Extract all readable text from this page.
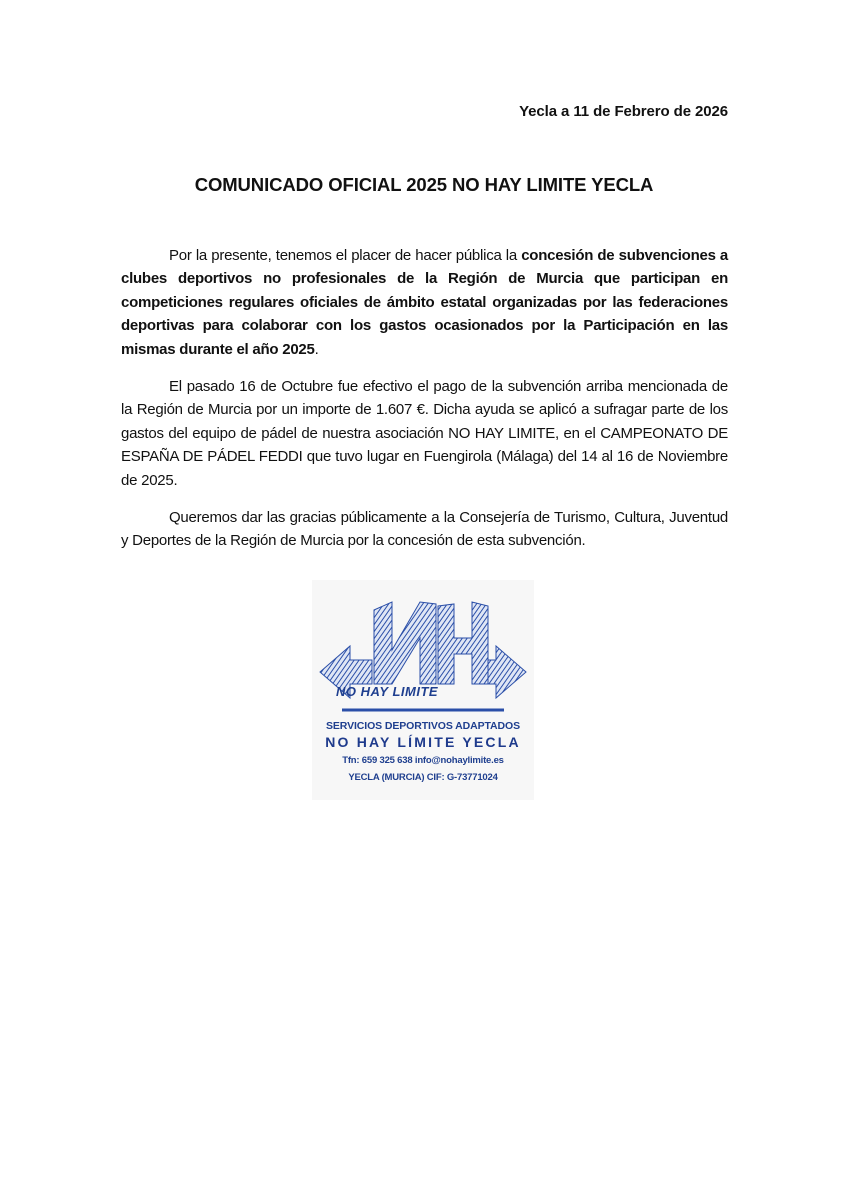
Yecla a 11 de Febrero de 2026
COMUNICADO OFICIAL 2025 NO HAY LIMITE YECLA

Por la presente, tenemos el placer de hacer pública la concesión de subvenciones a clubes deportivos no profesionales de la Región de Murcia que participan en competiciones regulares oficiales de ámbito estatal organizadas por las federaciones deportivas para colaborar con los gastos ocasionados por la Participación en las mismas durante el año 2025.

El pasado 16 de Octubre fue efectivo el pago de la subvención arriba mencionada de la Región de Murcia por un importe de 1.607 €. Dicha ayuda se aplicó a sufragar parte de los gastos del equipo de pádel de nuestra asociación NO HAY LIMITE, en el CAMPEONATO DE ESPAÑA DE PÁDEL FEDDI que tuvo lugar en Fuengirola (Málaga) del 14 al 16 de Noviembre de 2025.

Queremos dar las gracias públicamente a la Consejería de Turismo, Cultura, Juventud y Deportes de la Región de Murcia por la concesión de esta subvención.

NO HAY LIMITE
SERVICIOS DEPORTIVOS ADAPTADOS
NO HAY LÍMITE YECLA
Tfn: 659 325 638 info@nohaylimite.es
YECLA (MURCIA) CIF: G-73771024
